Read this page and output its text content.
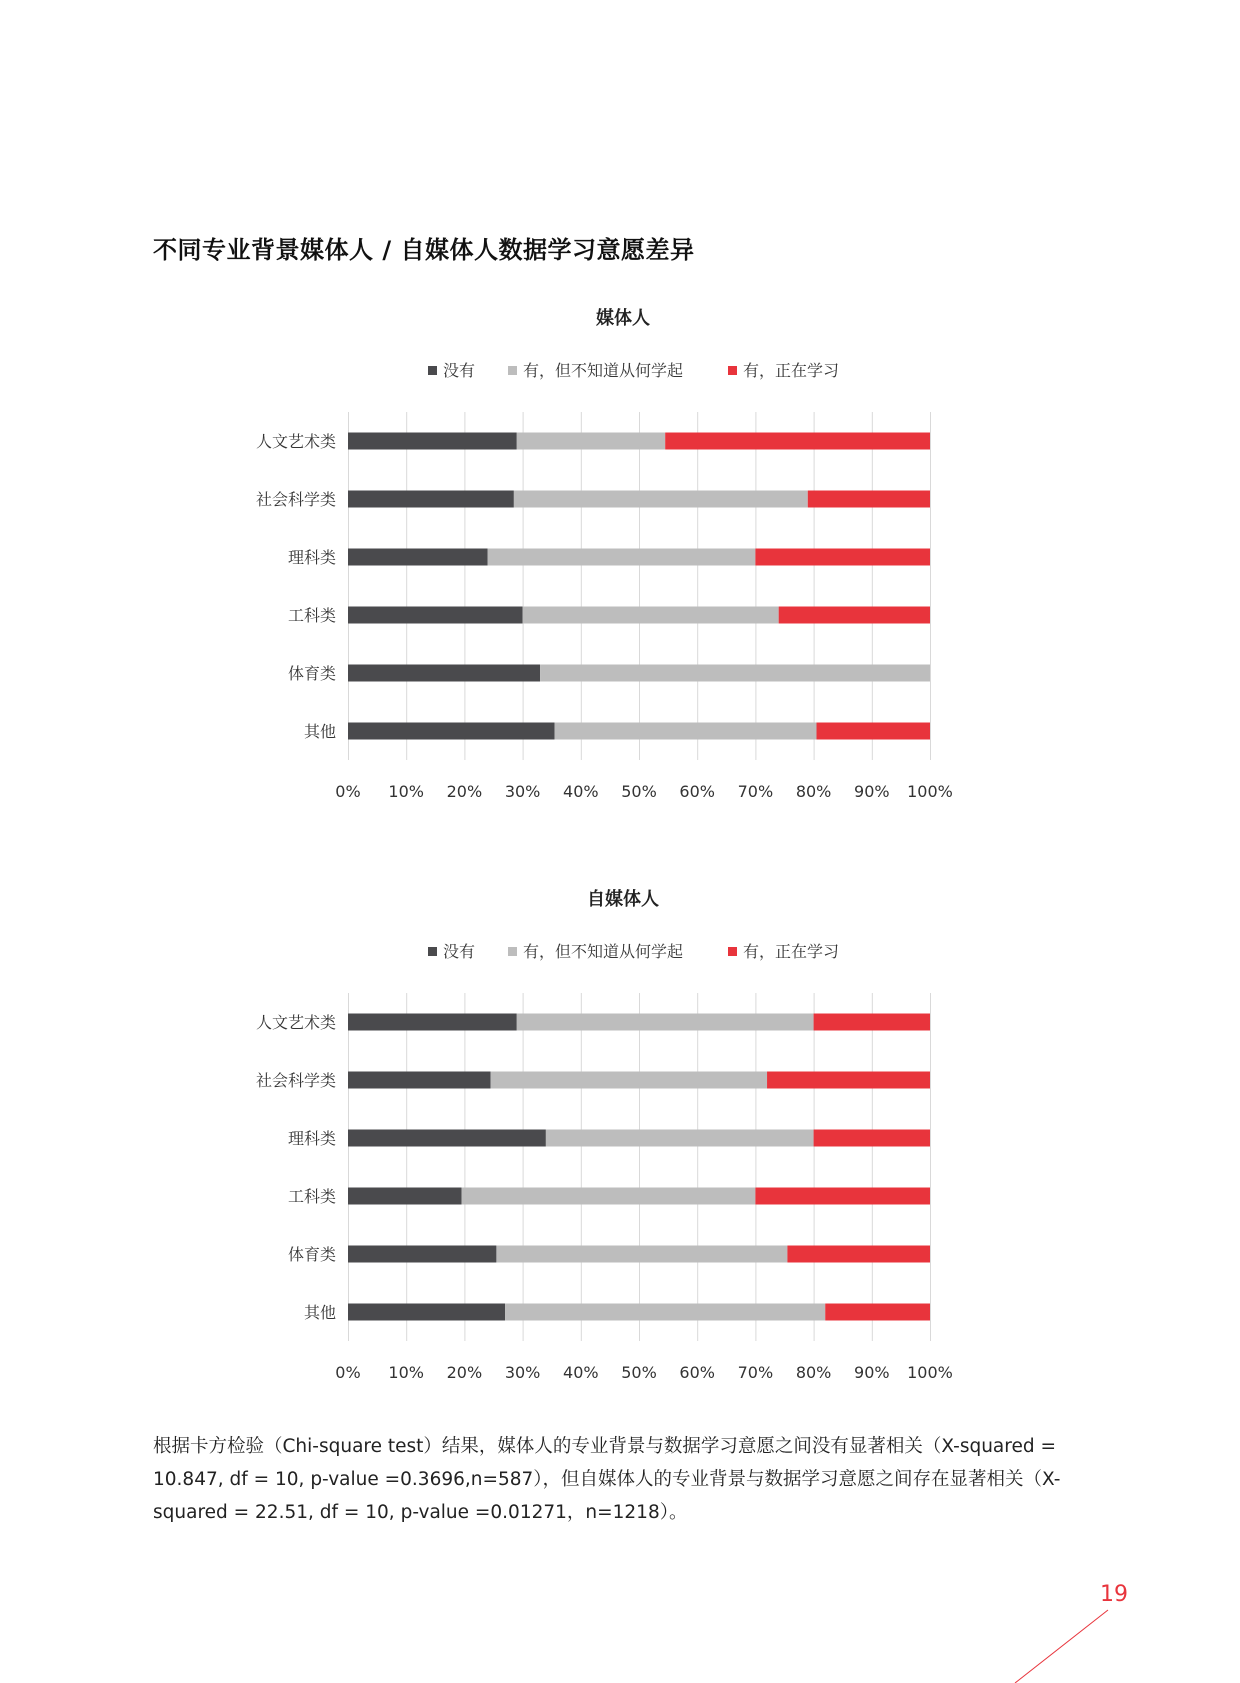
不同专业背景媒体人 / 自媒体人数据学习意愿差异
媒体人
没有	有，但不知道从何学起	有，正在学习
人文艺术类
社会科学类
理科类
工科类
体育类
其他
0% 10% 20% 30% 40% 50% 60% 70% 80% 90% 100%
自媒体人
没有	有，但不知道从何学起	有，正在学习
人文艺术类
社会科学类
理科类
工科类
体育类
其他
0% 10% 20% 30% 40% 50% 60% 70% 80% 90% 100%
根据卡方检验（Chi-square test）结果，媒体人的专业背景与数据学习意愿之间没有显著相关（X-squared = 10.847, df = 10, p-value =0.3696,n=587），但自媒体人的专业背景与数据学习意愿之间存在显著相关（X-squared = 22.51, df = 10, p-value =0.01271，n=1218）。
19
